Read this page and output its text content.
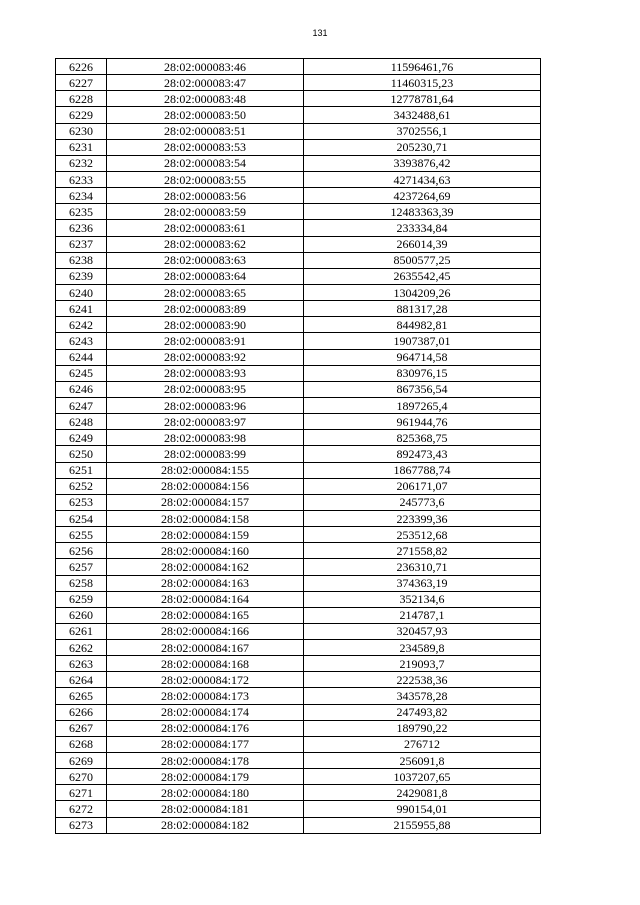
131
6226	28:02:000083:46	11596461,76
6227	28:02:000083:47	11460315,23
6228	28:02:000083:48	12778781,64
6229	28:02:000083:50	3432488,61
6230	28:02:000083:51	3702556,1
6231	28:02:000083:53	205230,71
6232	28:02:000083:54	3393876,42
6233	28:02:000083:55	4271434,63
6234	28:02:000083:56	4237264,69
6235	28:02:000083:59	12483363,39
6236	28:02:000083:61	233334,84
6237	28:02:000083:62	266014,39
6238	28:02:000083:63	8500577,25
6239	28:02:000083:64	2635542,45
6240	28:02:000083:65	1304209,26
6241	28:02:000083:89	881317,28
6242	28:02:000083:90	844982,81
6243	28:02:000083:91	1907387,01
6244	28:02:000083:92	964714,58
6245	28:02:000083:93	830976,15
6246	28:02:000083:95	867356,54
6247	28:02:000083:96	1897265,4
6248	28:02:000083:97	961944,76
6249	28:02:000083:98	825368,75
6250	28:02:000083:99	892473,43
6251	28:02:000084:155	1867788,74
6252	28:02:000084:156	206171,07
6253	28:02:000084:157	245773,6
6254	28:02:000084:158	223399,36
6255	28:02:000084:159	253512,68
6256	28:02:000084:160	271558,82
6257	28:02:000084:162	236310,71
6258	28:02:000084:163	374363,19
6259	28:02:000084:164	352134,6
6260	28:02:000084:165	214787,1
6261	28:02:000084:166	320457,93
6262	28:02:000084:167	234589,8
6263	28:02:000084:168	219093,7
6264	28:02:000084:172	222538,36
6265	28:02:000084:173	343578,28
6266	28:02:000084:174	247493,82
6267	28:02:000084:176	189790,22
6268	28:02:000084:177	276712
6269	28:02:000084:178	256091,8
6270	28:02:000084:179	1037207,65
6271	28:02:000084:180	2429081,8
6272	28:02:000084:181	990154,01
6273	28:02:000084:182	2155955,88
